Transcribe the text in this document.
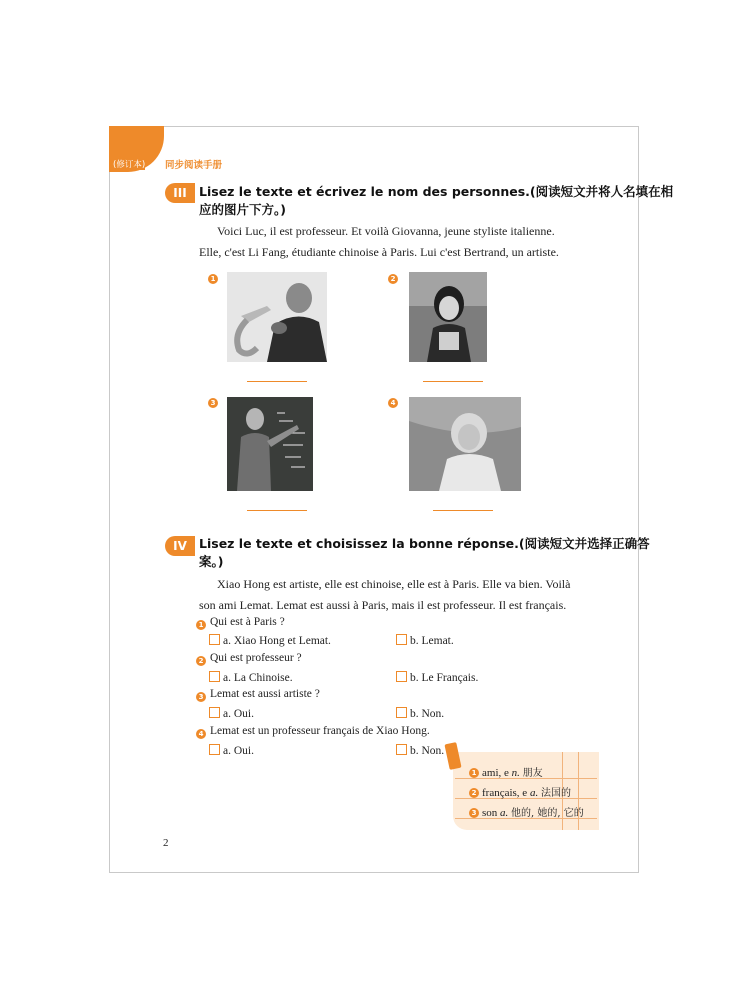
法语1
(修订本) 同步阅读手册
III Lisez le texte et écrivez le nom des personnes.(阅读短文并将人名填在相
应的图片下方。)
Voici Luc, il est professeur. Et voilà Giovanna, jeune styliste italienne.
Elle, c'est Li Fang, étudiante chinoise à Paris. Lui c'est Bertrand, un artiste.
1	2
3	4
IV Lisez le texte et choisissez la bonne réponse.(阅读短文并选择正确答
案。)
Xiao Hong est artiste, elle est chinoise, elle est à Paris. Elle va bien. Voilà
son ami Lemat. Lemat est aussi à Paris, mais il est professeur. Il est français.
1 Qui est à Paris ?
a. Xiao Hong et Lemat.	b. Lemat.
2 Qui est professeur ?
a. La Chinoise.	b. Le Français.
3 Lemat est aussi artiste ?
a. Oui.	b. Non.
4 Lemat est un professeur français de Xiao Hong.
a. Oui.	b. Non.
1 ami, e n. 朋友
2 français, e a. 法国的
3 son a. 他的, 她的, 它的
2
